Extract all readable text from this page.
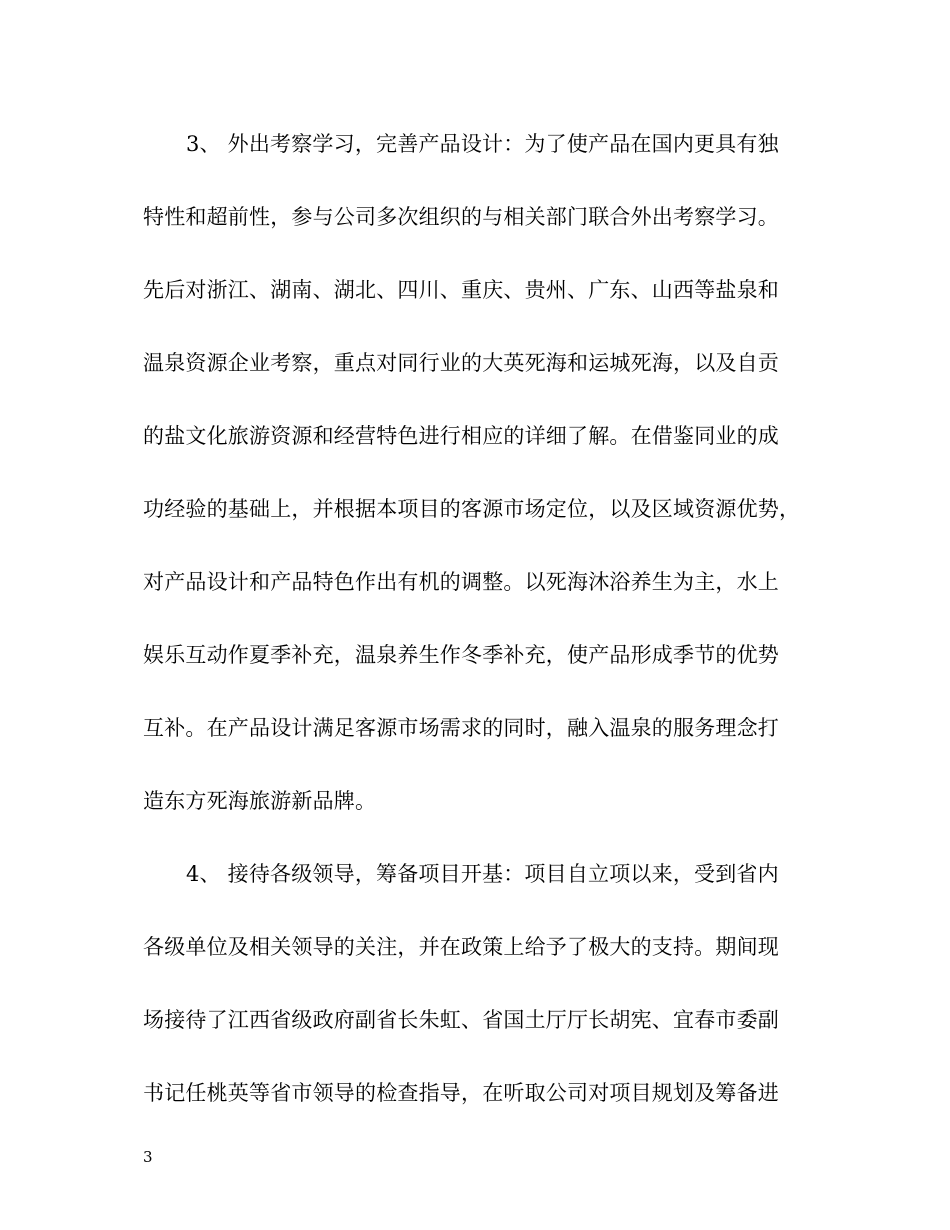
3、 外出考察学习，完善产品设计：为了使产品在国内更具有独
特性和超前性，参与公司多次组织的与相关部门联合外出考察学习。
先后对浙江、湖南、湖北、四川、重庆、贵州、广东、山西等盐泉和
温泉资源企业考察，重点对同行业的大英死海和运城死海，以及自贡
的盐文化旅游资源和经营特色进行相应的详细了解。在借鉴同业的成
功经验的基础上，并根据本项目的客源市场定位，以及区域资源优势，
对产品设计和产品特色作出有机的调整。以死海沐浴养生为主，水上
娱乐互动作夏季补充，温泉养生作冬季补充，使产品形成季节的优势
互补。在产品设计满足客源市场需求的同时，融入温泉的服务理念打
造东方死海旅游新品牌。
4、 接待各级领导，筹备项目开基：项目自立项以来，受到省内
各级单位及相关领导的关注，并在政策上给予了极大的支持。期间现
场接待了江西省级政府副省长朱虹、省国土厅厅长胡宪、宜春市委副
书记任桃英等省市领导的检查指导，在听取公司对项目规划及筹备进
3
